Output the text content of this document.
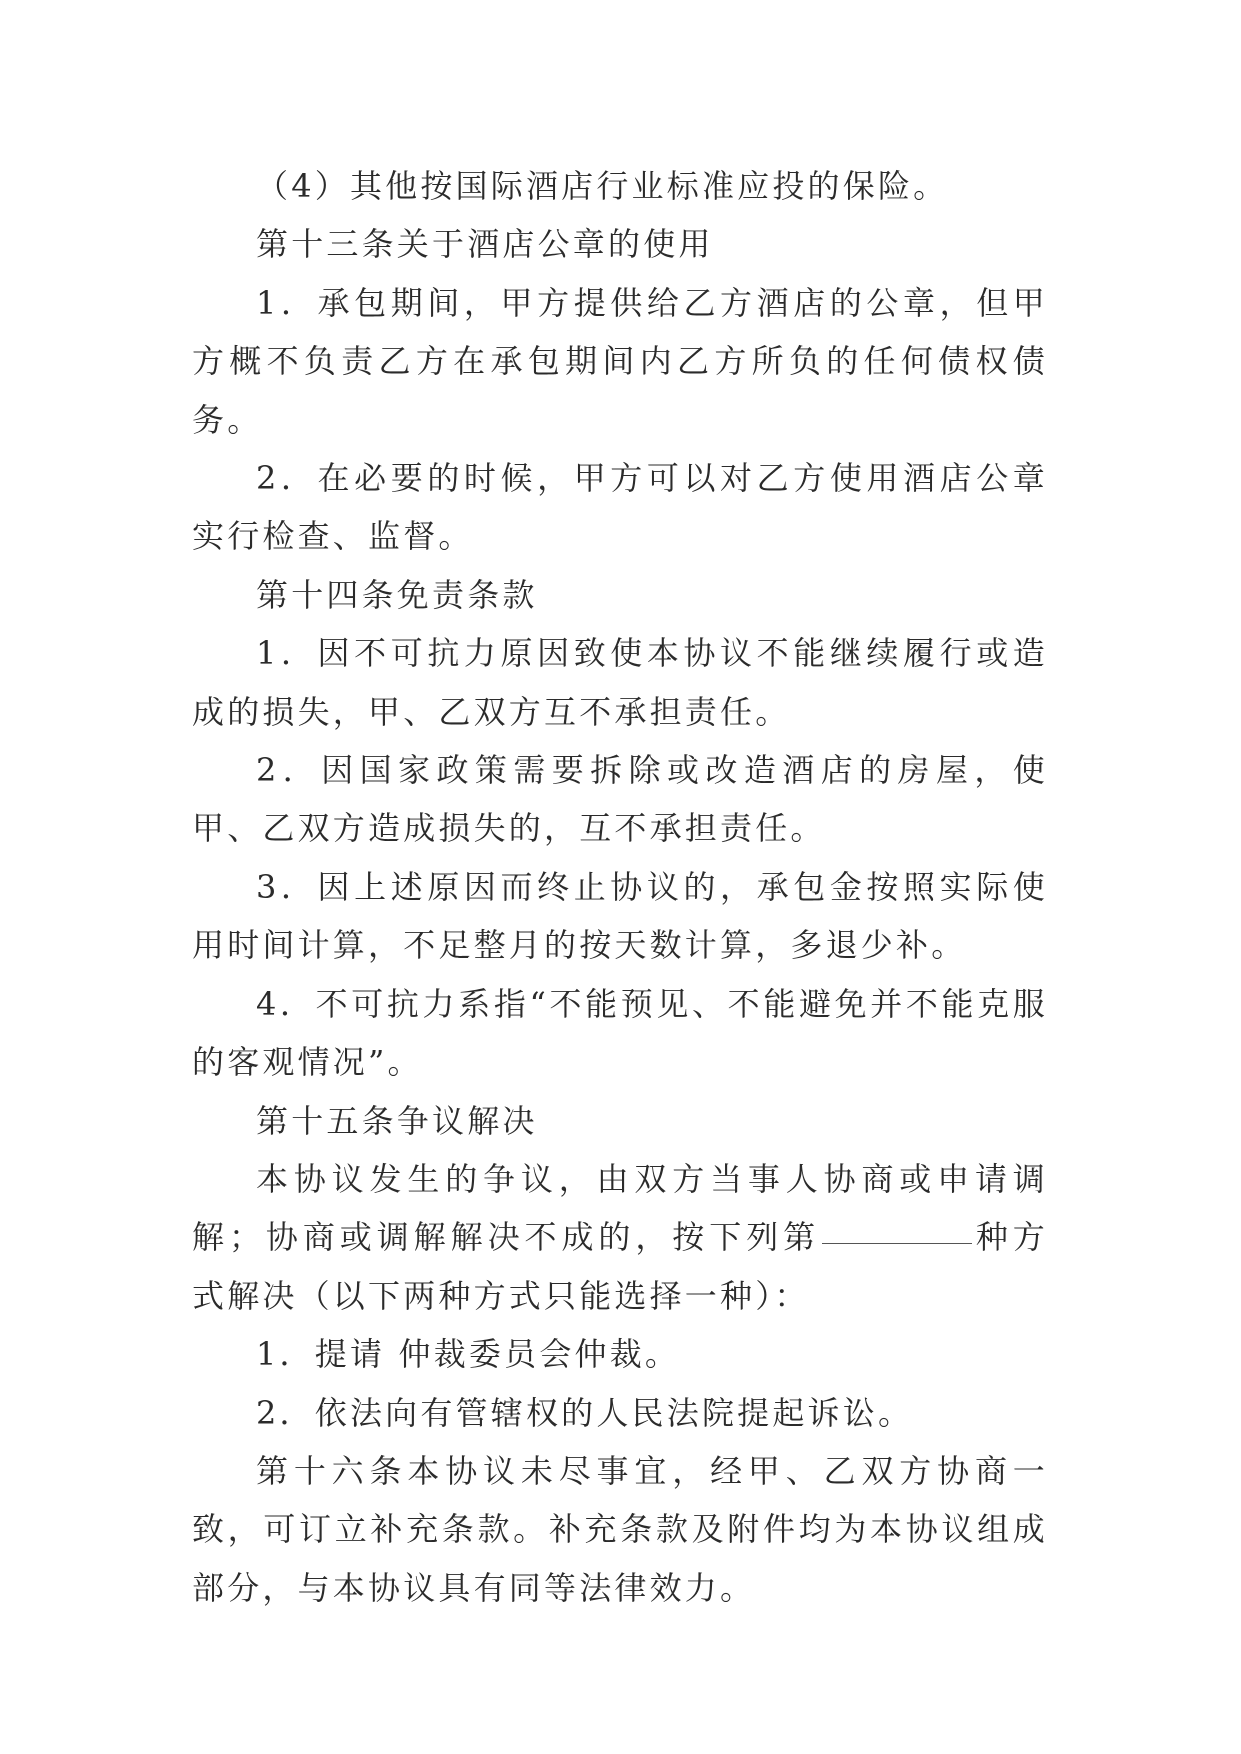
（4）其他按国际酒店行业标准应投的保险。

第十三条关于酒店公章的使用

1．承包期间，甲方提供给乙方酒店的公章，但甲方概不负责乙方在承包期间内乙方所负的任何债权债务。

2．在必要的时候，甲方可以对乙方使用酒店公章实行检查、监督。

第十四条免责条款

1．因不可抗力原因致使本协议不能继续履行或造成的损失，甲、乙双方互不承担责任。

2．因国家政策需要拆除或改造酒店的房屋，使甲、乙双方造成损失的，互不承担责任。

3．因上述原因而终止协议的，承包金按照实际使用时间计算，不足整月的按天数计算，多退少补。

4．不可抗力系指“不能预见、不能避免并不能克服的客观情况”。

第十五条争议解决

本协议发生的争议，由双方当事人协商或申请调解；协商或调解解决不成的，按下列第	种方式解决（以下两种方式只能选择一种）：

1．提请 仲裁委员会仲裁。

2．依法向有管辖权的人民法院提起诉讼。

第十六条本协议未尽事宜，经甲、乙双方协商一致，可订立补充条款。补充条款及附件均为本协议组成部分，与本协议具有同等法律效力。
